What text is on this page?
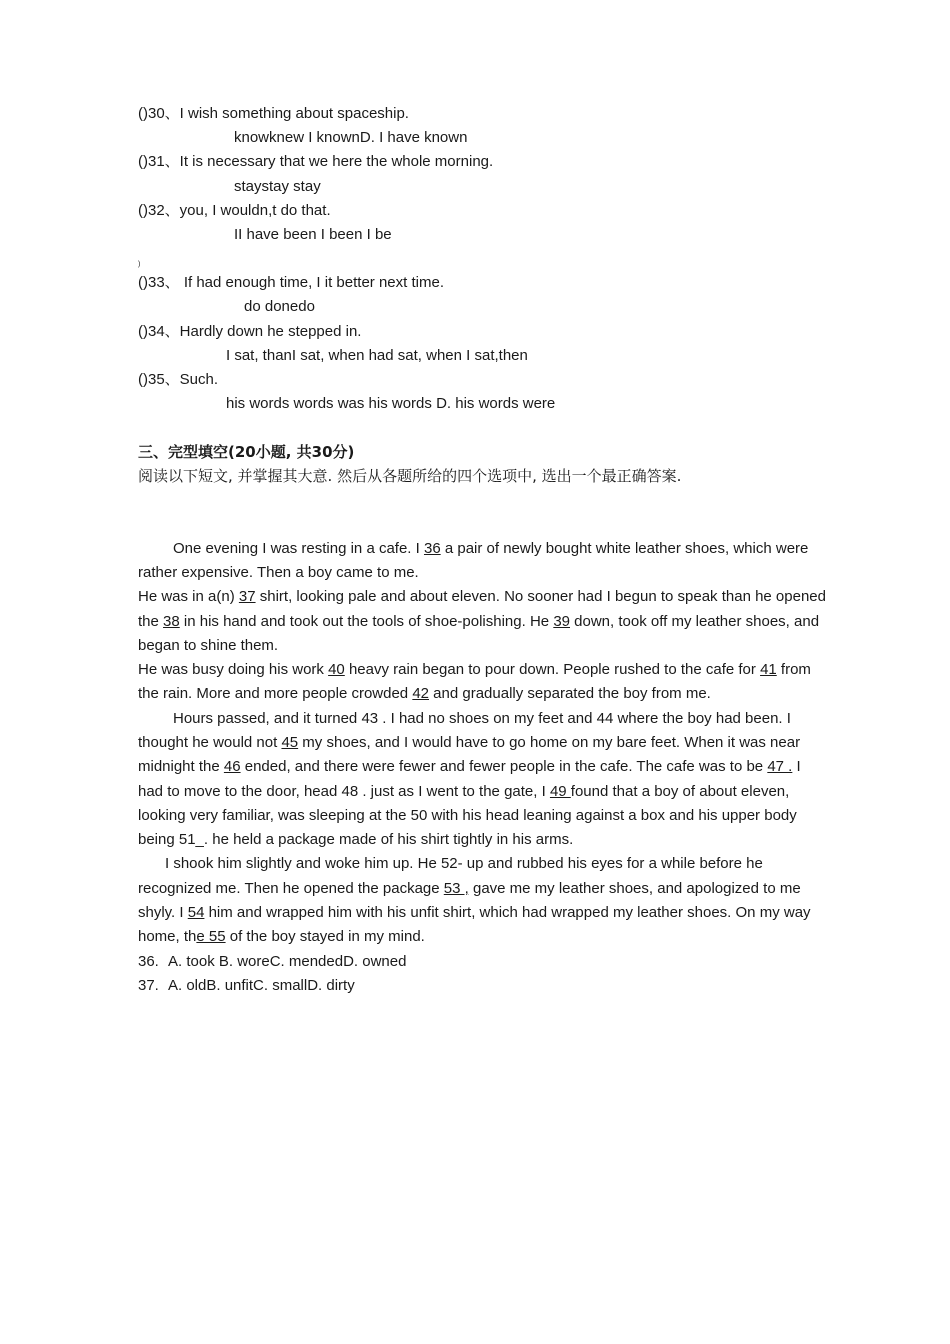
()30、I wish something about spaceship.
knowknew I knownD. I have known
()31、It is necessary that we here the whole morning.
staystay stay
()32、you, I wouldn,t do that.
II have been I been I be
)
()33、 If had enough time, I it better next time.
do donedo
()34、Hardly down he stepped in.
I sat, thanI sat, when had sat, when I sat,then
()35、Such.
his words words was his words D. his words were
三、完型填空(20小题, 共30分)
阅读以下短文, 并掌握其大意. 然后从各题所给的四个选项中, 选出一个最正确答案.

One evening I was resting in a cafe. I 36 a pair of newly bought white leather shoes, which were rather expensive. Then a boy came to me.

He was in a(n) 37 shirt, looking pale and about eleven. No sooner had I begun to speak than he opened the 38 in his hand and took out the tools of shoe-polishing. He 39 down, took off my leather shoes, and began to shine them.

He was busy doing his work 40 heavy rain began to pour down. People rushed to the cafe for 41 from the rain. More and more people crowded 42 and gradually separated the boy from me.

Hours passed, and it turned 43 . I had no shoes on my feet and 44 where the boy had been. I thought he would not 45 my shoes, and I would have to go home on my bare feet. When it was near midnight the 46 ended, and there were fewer and fewer people in the cafe. The cafe was to be 47 . I had to move to the door, head 48 . just as I went to the gate, I 49 found that a boy of about eleven, looking very familiar, was sleeping at the 50 with his head leaning against a box and his upper body being 51_. he held a package made of his shirt tightly in his arms.

I shook him slightly and woke him up. He 52- up and rubbed his eyes for a while before he recognized me. Then he opened the package 53 , gave me my leather shoes, and apologized to me shyly. I 54 him and wrapped him with his unfit shirt, which had wrapped my leather shoes. On my way home, the 55 of the boy stayed in my mind.

36. A. took B. woreC. mendedD. owned
37. A. oldB. unfitC. smallD. dirty
